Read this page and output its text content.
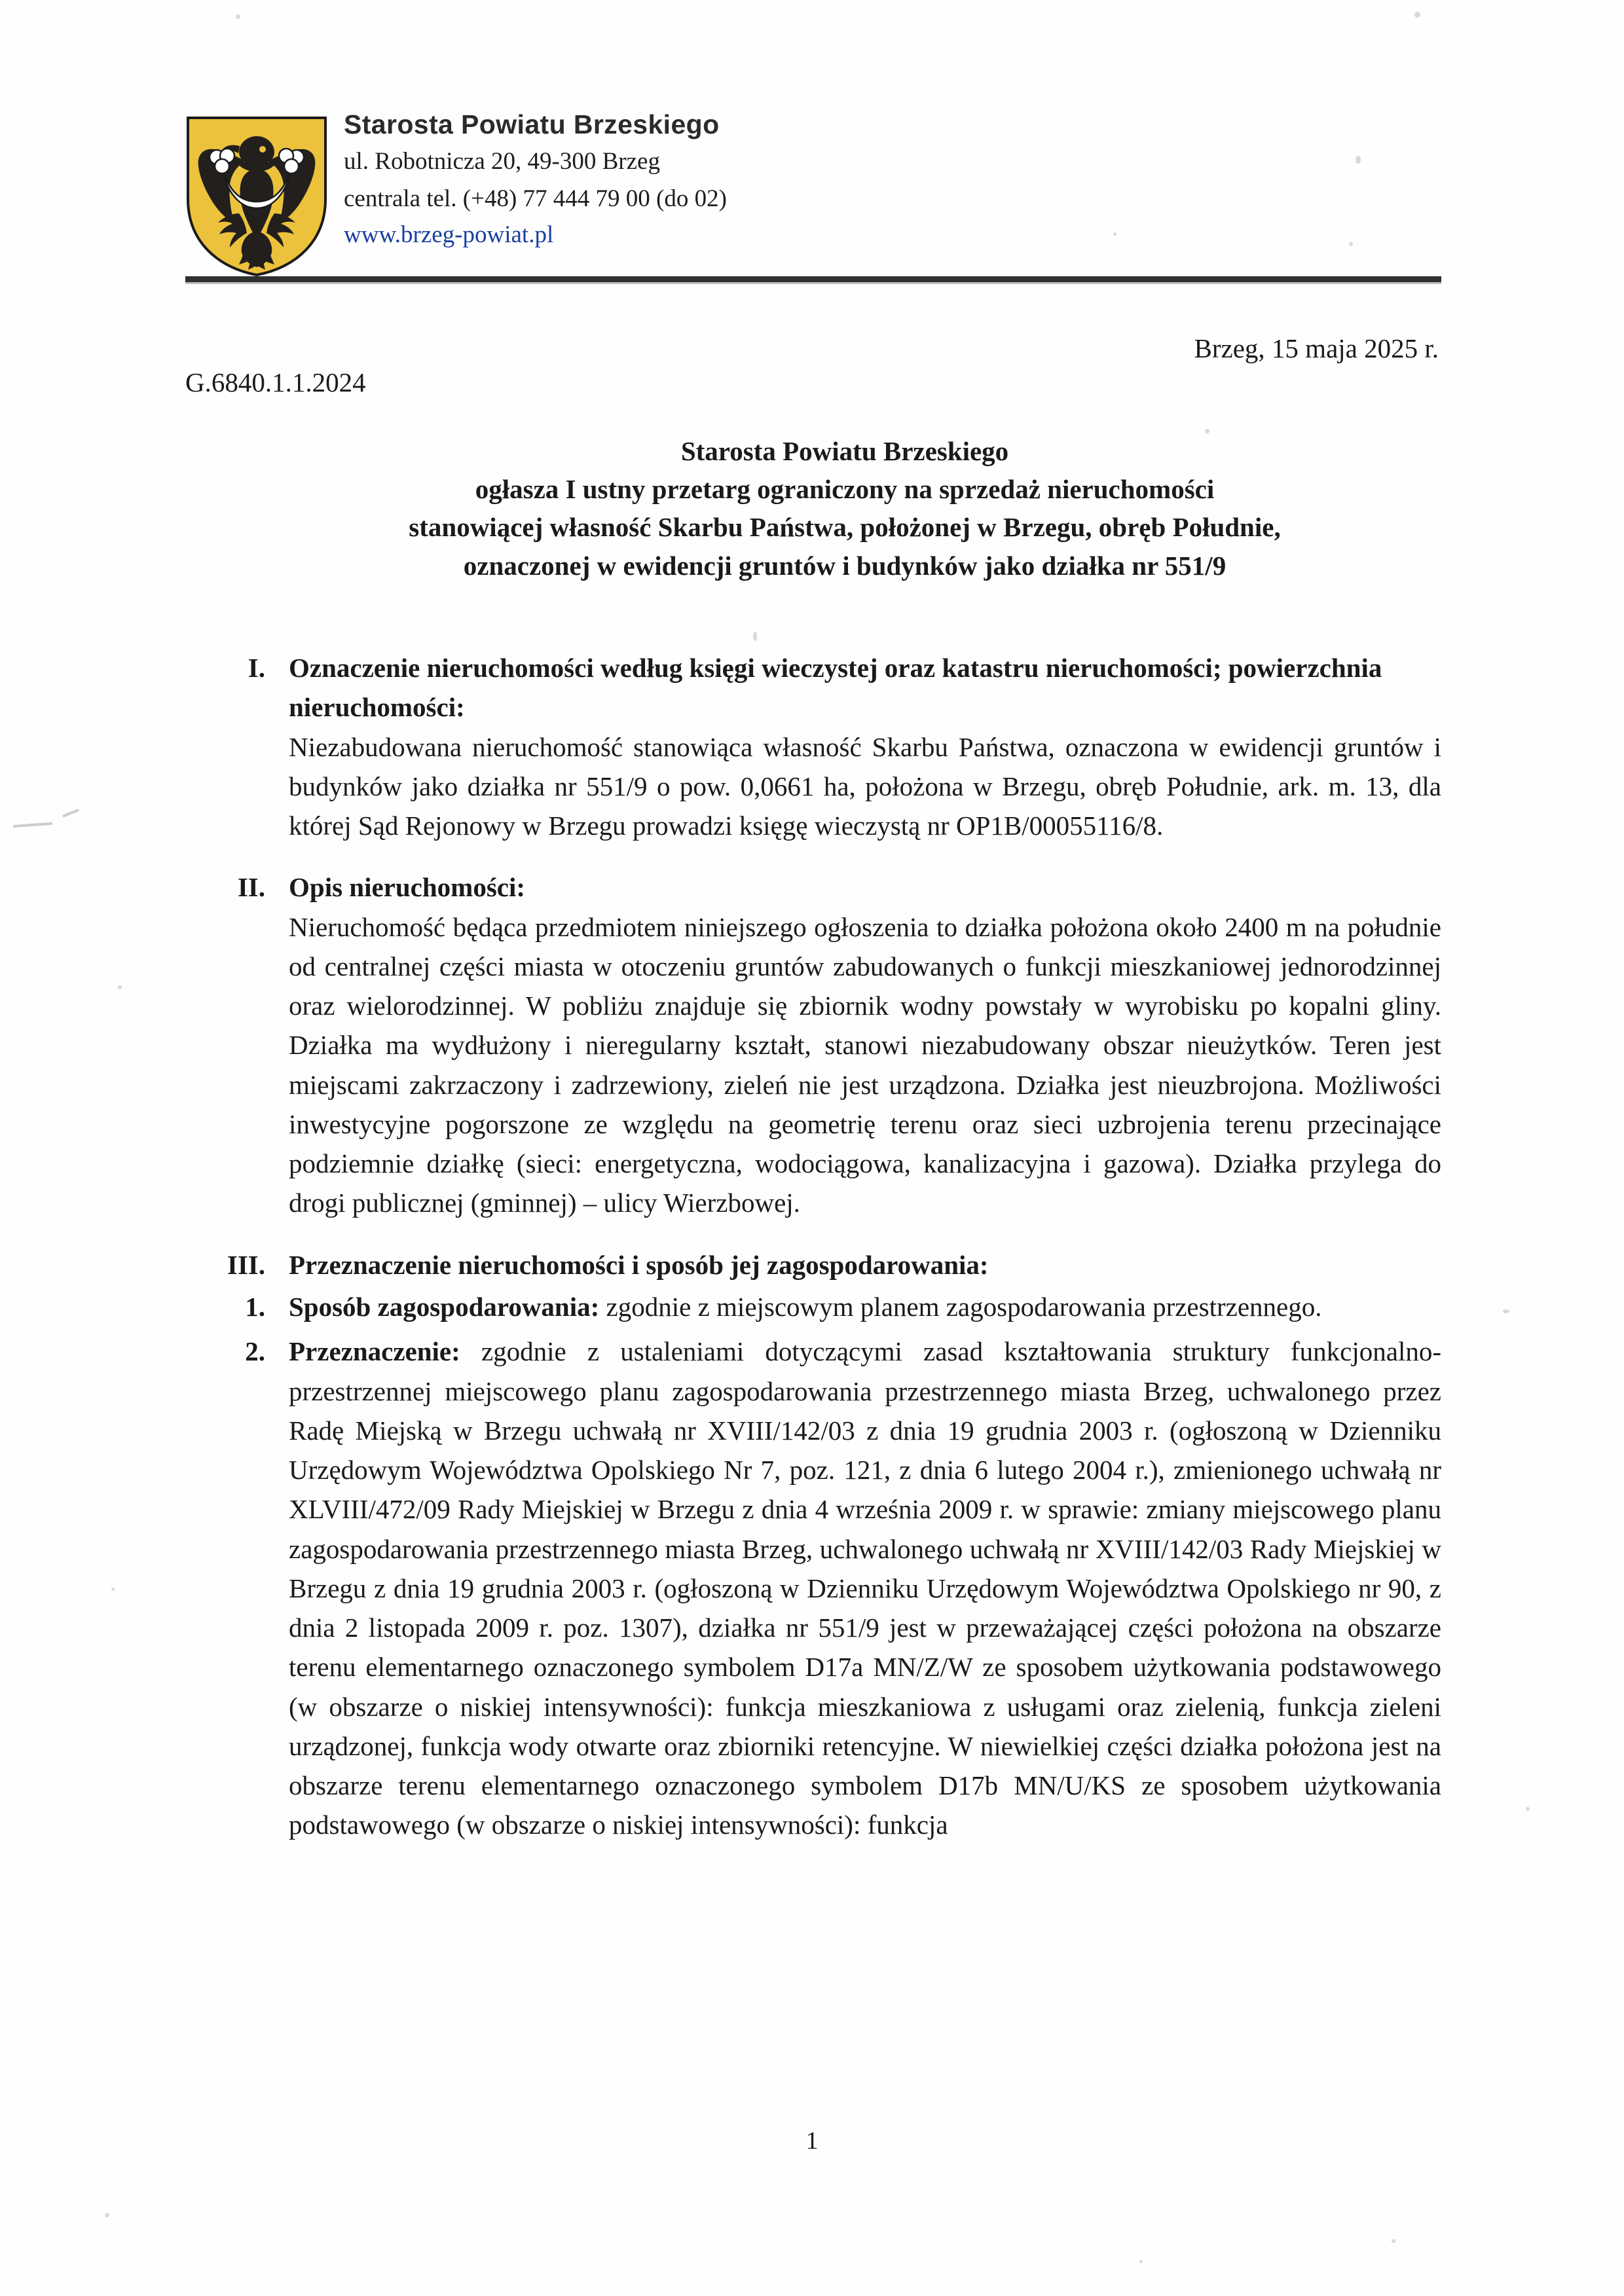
Starosta Powiatu Brzeskiego
ul. Robotnicza 20, 49-300 Brzeg
centrala tel. (+48) 77 444 79 00 (do 02)
www.brzeg-powiat.pl
Brzeg, 15 maja 2025 r.
G.6840.1.1.2024
Starosta Powiatu Brzeskiego
ogłasza I ustny przetarg ograniczony na sprzedaż nieruchomości
stanowiącej własność Skarbu Państwa, położonej w Brzegu, obręb Południe,
oznaczonej w ewidencji gruntów i budynków jako działka nr 551/9
I. Oznaczenie nieruchomości według księgi wieczystej oraz katastru nieruchomości; powierzchnia nieruchomości:
Niezabudowana nieruchomość stanowiąca własność Skarbu Państwa, oznaczona w ewidencji gruntów i budynków jako działka nr 551/9 o pow. 0,0661 ha, położona w Brzegu, obręb Południe, ark. m. 13, dla której Sąd Rejonowy w Brzegu prowadzi księgę wieczystą nr OP1B/00055116/8.
II. Opis nieruchomości:
Nieruchomość będąca przedmiotem niniejszego ogłoszenia to działka położona około 2400 m na południe od centralnej części miasta w otoczeniu gruntów zabudowanych o funkcji mieszkaniowej jednorodzinnej oraz wielorodzinnej. W pobliżu znajduje się zbiornik wodny powstały w wyrobisku po kopalni gliny. Działka ma wydłużony i nieregularny kształt, stanowi niezabudowany obszar nieużytków. Teren jest miejscami zakrzaczony i zadrzewiony, zieleń nie jest urządzona. Działka jest nieuzbrojona. Możliwości inwestycyjne pogorszone ze względu na geometrię terenu oraz sieci uzbrojenia terenu przecinające podziemnie działkę (sieci: energetyczna, wodociągowa, kanalizacyjna i gazowa). Działka przylega do drogi publicznej (gminnej) – ulicy Wierzbowej.
III. Przeznaczenie nieruchomości i sposób jej zagospodarowania:
1. Sposób zagospodarowania: zgodnie z miejscowym planem zagospodarowania przestrzennego.
2. Przeznaczenie: zgodnie z ustaleniami dotyczącymi zasad kształtowania struktury funkcjonalno-przestrzennej miejscowego planu zagospodarowania przestrzennego miasta Brzeg, uchwalonego przez Radę Miejską w Brzegu uchwałą nr XVIII/142/03 z dnia 19 grudnia 2003 r. (ogłoszoną w Dzienniku Urzędowym Województwa Opolskiego Nr 7, poz. 121, z dnia 6 lutego 2004 r.), zmienionego uchwałą nr XLVIII/472/09 Rady Miejskiej w Brzegu z dnia 4 września 2009 r. w sprawie: zmiany miejscowego planu zagospodarowania przestrzennego miasta Brzeg, uchwalonego uchwałą nr XVIII/142/03 Rady Miejskiej w Brzegu z dnia 19 grudnia 2003 r. (ogłoszoną w Dzienniku Urzędowym Województwa Opolskiego nr 90, z dnia 2 listopada 2009 r. poz. 1307), działka nr 551/9 jest w przeważającej części położona na obszarze terenu elementarnego oznaczonego symbolem D17a MN/Z/W ze sposobem użytkowania podstawowego (w obszarze o niskiej intensywności): funkcja mieszkaniowa z usługami oraz zielenią, funkcja zieleni urządzonej, funkcja wody otwarte oraz zbiorniki retencyjne. W niewielkiej części działka położona jest na obszarze terenu elementarnego oznaczonego symbolem D17b MN/U/KS ze sposobem użytkowania podstawowego (w obszarze o niskiej intensywności): funkcja
1
